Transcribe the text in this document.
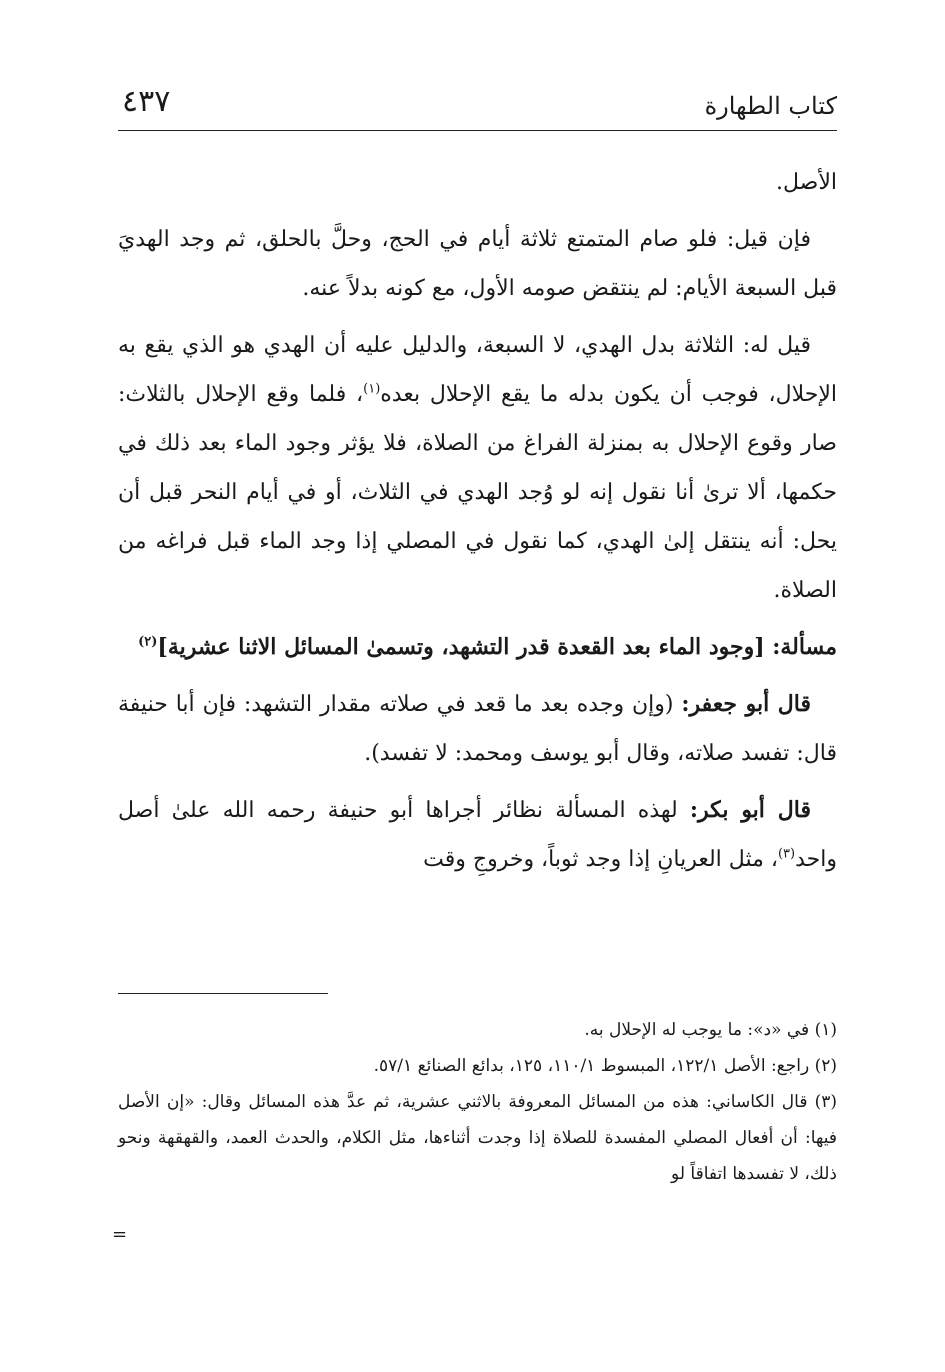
كتاب الطهارة
٤٣٧

الأصل.

فإن قيل: فلو صام المتمتع ثلاثة أيام في الحج، وحلَّ بالحلق، ثم وجد الهديَ قبل السبعة الأيام: لم ينتقض صومه الأول، مع كونه بدلاً عنه.

قيل له: الثلاثة بدل الهدي، لا السبعة، والدليل عليه أن الهدي هو الذي يقع به الإحلال، فوجب أن يكون بدله ما يقع الإحلال بعده$^{(١)}$، فلما وقع الإحلال بالثلاث: صار وقوع الإحلال به بمنزلة الفراغ من الصلاة، فلا يؤثر وجود الماء بعد ذلك في حكمها، ألا ترىٰ أنا نقول إنه لو وُجد الهدي في الثلاث، أو في أيام النحر قبل أن يحل: أنه ينتقل إلىٰ الهدي، كما نقول في المصلي إذا وجد الماء قبل فراغه من الصلاة.

مسألة: [وجود الماء بعد القعدة قدر التشهد، وتسمىٰ المسائل الاثنا عشرية]$^{(٢)}$

قال أبو جعفر: (وإن وجده بعد ما قعد في صلاته مقدار التشهد: فإن أبا حنيفة قال: تفسد صلاته، وقال أبو يوسف ومحمد: لا تفسد).

قال أبو بكر: لهذه المسألة نظائر أجراها أبو حنيفة رحمه الله علىٰ أصل واحد$^{(٣)}$، مثل العريانِ إذا وجد ثوباً، وخروجِ وقت

(١) في «د»: ما يوجب له الإحلال به.

(٢) راجع: الأصل ١٢٢/١، المبسوط ١١٠/١، ١٢٥، بدائع الصنائع ٥٧/١.

(٣) قال الكاساني: هذه من المسائل المعروفة بالاثني عشرية، ثم عدَّ هذه المسائل وقال: «إن الأصل فيها: أن أفعال المصلي المفسدة للصلاة إذا وجدت أثناءها، مثل الكلام، والحدث العمد، والقهقهة ونحو ذلك، لا تفسدها اتفاقاً لو

=
